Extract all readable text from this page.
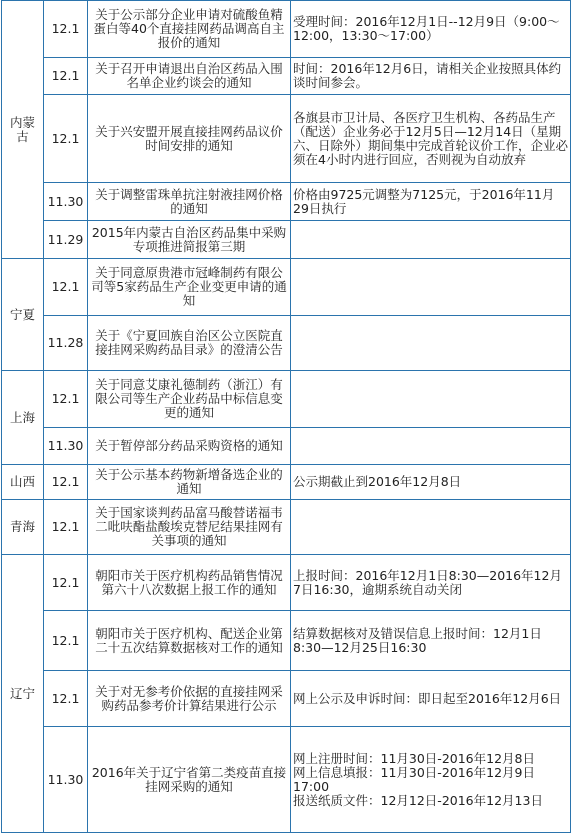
内蒙古	12.1	关于公示部分企业申请对硫酸鱼精蛋白等40个直接挂网药品调高自主报价的通知	受理时间：2016年12月1日--12月9日（9:00～12:00，13:30～17:00）
	12.1	关于召开申请退出自治区药品入围名单企业约谈会的通知	时间：2016年12月6日，请相关企业按照具体约谈时间参会。
	12.1	关于兴安盟开展直接挂网药品议价时间安排的通知	各旗县市卫计局、各医疗卫生机构、各药品生产（配送）企业务必于12月5日—12月14日（星期六、日除外）期间集中完成首轮议价工作，企业必须在4小时内进行回应，否则视为自动放弃
	11.30	关于调整雷珠单抗注射液挂网价格的通知	价格由9725元调整为7125元，于2016年11月29日执行
	11.29	2015年内蒙古自治区药品集中采购专项推进简报第三期	
宁夏	12.1	关于同意原贵港市冠峰制药有限公司等5家药品生产企业变更申请的通知	
	11.28	关于《宁夏回族自治区公立医院直接挂网采购药品目录》的澄清公告	
上海	12.1	关于同意艾康礼德制药（浙江）有限公司等生产企业药品中标信息变更的通知	
	11.30	关于暂停部分药品采购资格的通知	
山西	12.1	关于公示基本药物新增备选企业的通知	公示期截止到2016年12月8日
青海	12.1	关于国家谈判药品富马酸替诺福韦二吡呋酯盐酸埃克替尼结果挂网有关事项的通知	
辽宁	12.1	朝阳市关于医疗机构药品销售情况第六十八次数据上报工作的通知	上报时间：2016年12月1日8:30—2016年12月7日16:30，逾期系统自动关闭
	12.1	朝阳市关于医疗机构、配送企业第二十五次结算数据核对工作的通知	结算数据核对及错误信息上报时间：12月1日8:30—12月25日16:30
	12.1	关于对无参考价依据的直接挂网采购药品参考价计算结果进行公示	网上公示及申诉时间：即日起至2016年12月6日
	11.30	2016年关于辽宁省第二类疫苗直接挂网采购的通知	网上注册时间：11月30日-2016年12月8日
网上信息填报：11月30日-2016年12月9日17:00
报送纸质文件：12月12日-2016年12月13日
